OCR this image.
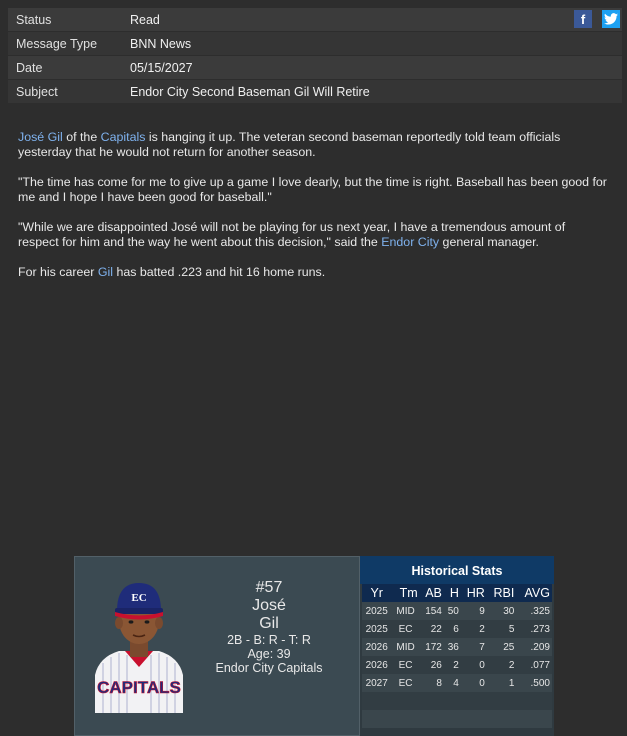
Status	Read
Message Type	BNN News
Date	05/15/2027
Subject	Endor City Second Baseman Gil Will Retire
f

José Gil of the Capitals is hanging it up. The veteran second baseman reportedly told team officials yesterday that he would not return for another season.

"The time has come for me to give up a game I love dearly, but the time is right. Baseball has been good for me and I hope I have been good for baseball."

"While we are disappointed José will not be playing for us next year, I have a tremendous amount of respect for him and the way he went about this decision," said the Endor City general manager.

For his career Gil has batted .223 and hit 16 home runs.

EC
CAPITALS
#57
José
Gil
2B - B: R - T: R
Age: 39
Endor City Capitals
Historical Stats
Yr	Tm	AB	H	HR	RBI	AVG
2025	MID	154	50	9	30	.325
2025	EC	22	6	2	5	.273
2026	MID	172	36	7	25	.209
2026	EC	26	2	0	2	.077
2027	EC	8	4	0	1	.500
